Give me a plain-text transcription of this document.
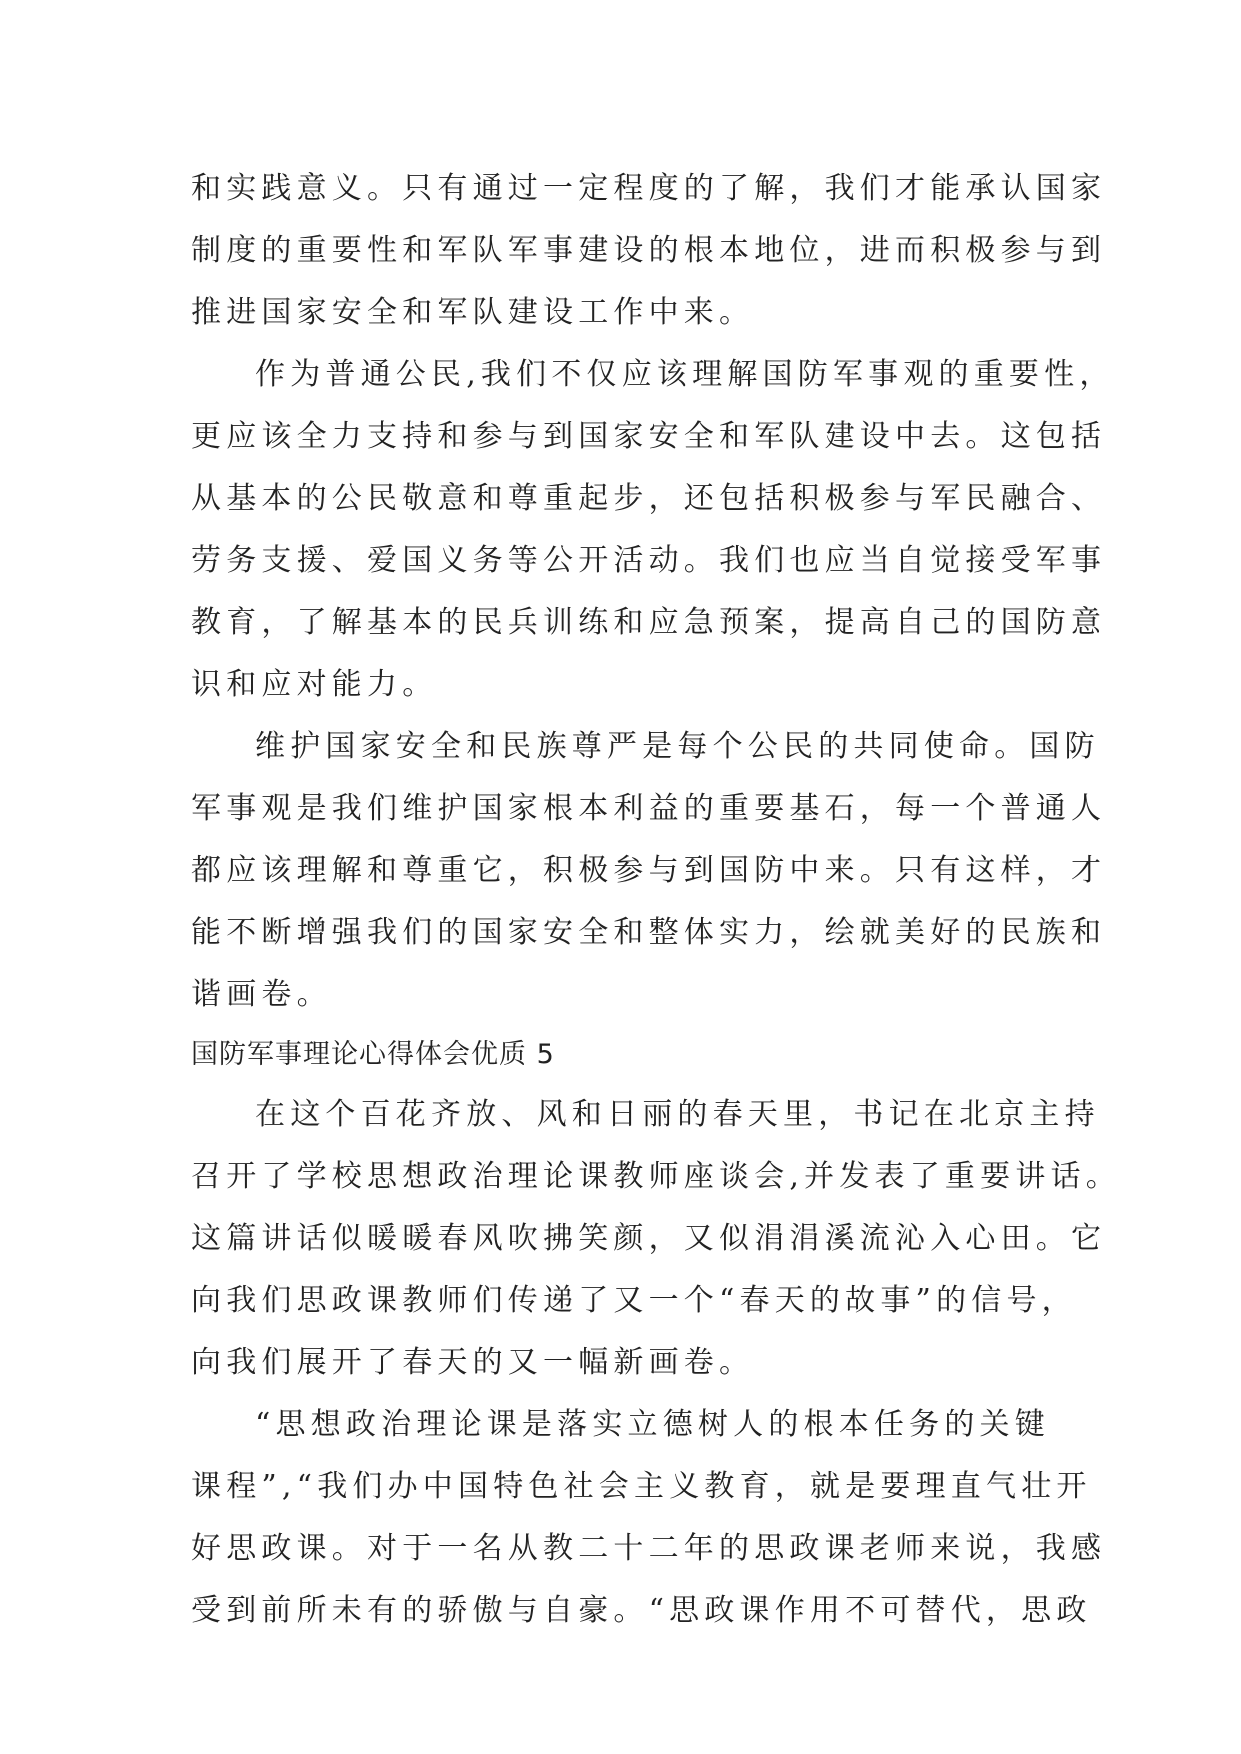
和实践意义。只有通过一定程度的了解，我们才能承认国家
制度的重要性和军队军事建设的根本地位，进而积极参与到
推进国家安全和军队建设工作中来。
作为普通公民,我们不仅应该理解国防军事观的重要性，
更应该全力支持和参与到国家安全和军队建设中去。这包括
从基本的公民敬意和尊重起步，还包括积极参与军民融合、
劳务支援、爱国义务等公开活动。我们也应当自觉接受军事
教育，了解基本的民兵训练和应急预案，提高自己的国防意
识和应对能力。
维护国家安全和民族尊严是每个公民的共同使命。国防
军事观是我们维护国家根本利益的重要基石，每一个普通人
都应该理解和尊重它，积极参与到国防中来。只有这样，才
能不断增强我们的国家安全和整体实力，绘就美好的民族和
谐画卷。
国防军事理论心得体会优质 5
在这个百花齐放、风和日丽的春天里，书记在北京主持
召开了学校思想政治理论课教师座谈会,并发表了重要讲话。
这篇讲话似暖暖春风吹拂笑颜，又似涓涓溪流沁入心田。它
向我们思政课教师们传递了又一个“春天的故事”的信号，
向我们展开了春天的又一幅新画卷。
“思想政治理论课是落实立德树人的根本任务的关键
课程”,“我们办中国特色社会主义教育，就是要理直气壮开
好思政课。对于一名从教二十二年的思政课老师来说，我感
受到前所未有的骄傲与自豪。“思政课作用不可替代，思政
